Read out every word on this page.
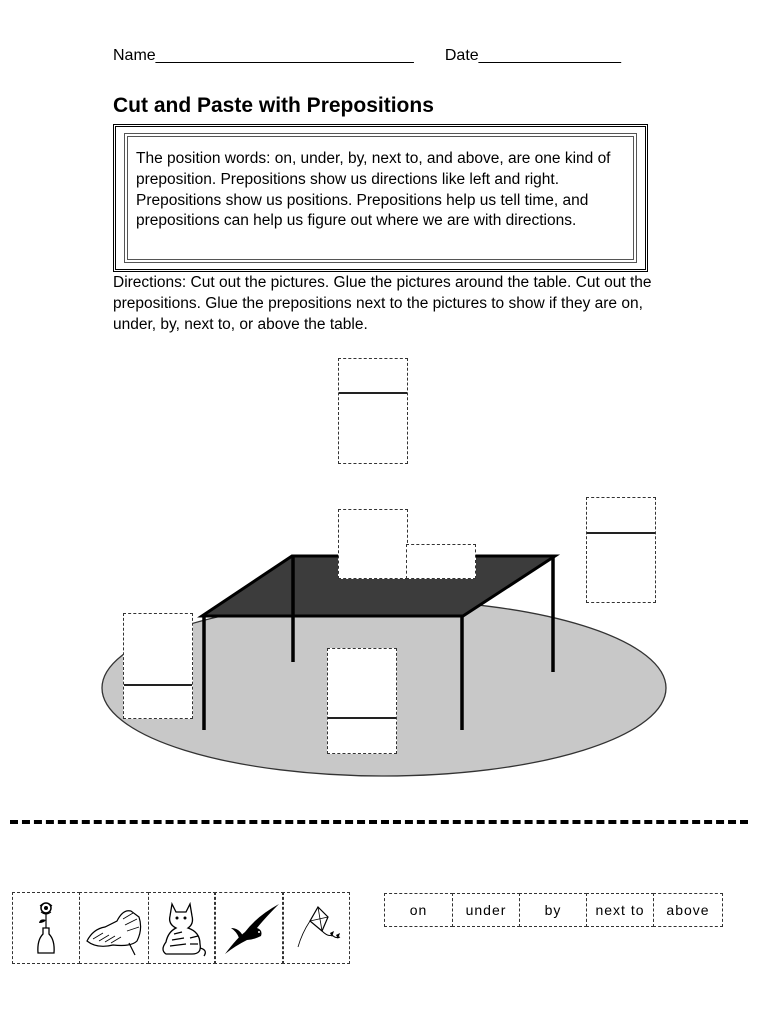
Name_____________________________ Date________________
Cut and Paste with Prepositions
The position words: on, under, by, next to, and above, are one kind of preposition. Prepositions show us directions like left and right. Prepositions show us positions. Prepositions help us tell time, and prepositions can help us figure out where we are with directions.
Directions: Cut out the pictures. Glue the pictures around the table. Cut out the prepositions. Glue the prepositions next to the pictures to show if they are on, under, by, next to, or above the table.
on	under	by	next to	above
